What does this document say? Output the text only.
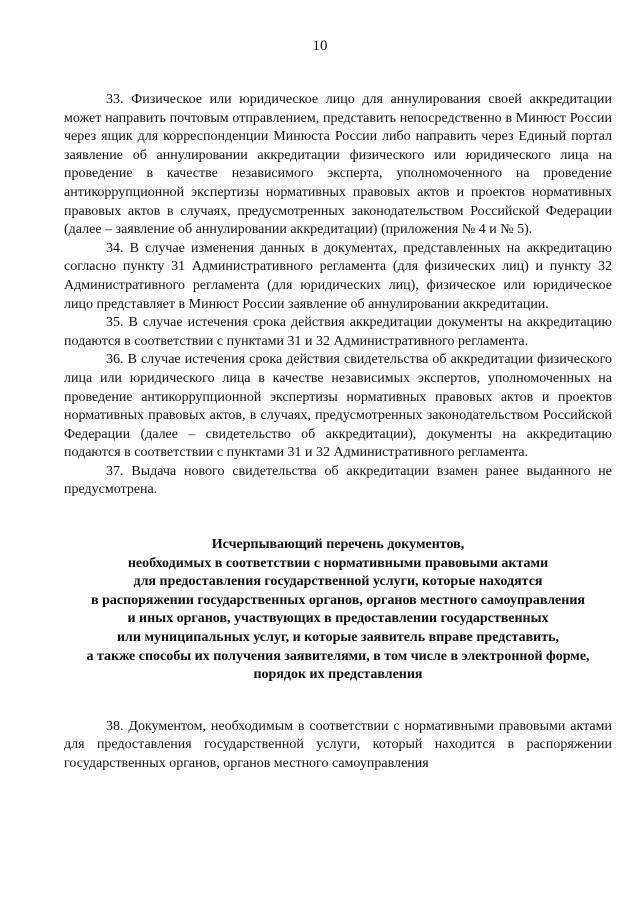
10

33. Физическое или юридическое лицо для аннулирования своей аккредитации может направить почтовым отправлением, представить непосредственно в Минюст России через ящик для корреспонденции Минюста России либо направить через Единый портал заявление об аннулировании аккредитации физического или юридического лица на проведение в качестве независимого эксперта, уполномоченного на проведение антикоррупционной экспертизы нормативных правовых актов и проектов нормативных правовых актов в случаях, предусмотренных законодательством Российской Федерации (далее – заявление об аннулировании аккредитации) (приложения № 4 и № 5).

34. В случае изменения данных в документах, представленных на аккредитацию согласно пункту 31 Административного регламента (для физических лиц) и пункту 32 Административного регламента (для юридических лиц), физическое или юридическое лицо представляет в Минюст России заявление об аннулировании аккредитации.

35. В случае истечения срока действия аккредитации документы на аккредитацию подаются в соответствии с пунктами 31 и 32 Административного регламента.

36. В случае истечения срока действия свидетельства об аккредитации физического лица или юридического лица в качестве независимых экспертов, уполномоченных на проведение антикоррупционной экспертизы нормативных правовых актов и проектов нормативных правовых актов, в случаях, предусмотренных законодательством Российской Федерации (далее – свидетельство об аккредитации), документы на аккредитацию подаются в соответствии с пунктами 31 и 32 Административного регламента.

37. Выдача нового свидетельства об аккредитации взамен ранее выданного не предусмотрена.

Исчерпывающий перечень документов,
необходимых в соответствии с нормативными правовыми актами
для предоставления государственной услуги, которые находятся
в распоряжении государственных органов, органов местного самоуправления
и иных органов, участвующих в предоставлении государственных
или муниципальных услуг, и которые заявитель вправе представить,
а также способы их получения заявителями, в том числе в электронной форме,
порядок их представления

38. Документом, необходимым в соответствии с нормативными правовыми актами для предоставления государственной услуги, который находится в распоряжении государственных органов, органов местного самоуправления
